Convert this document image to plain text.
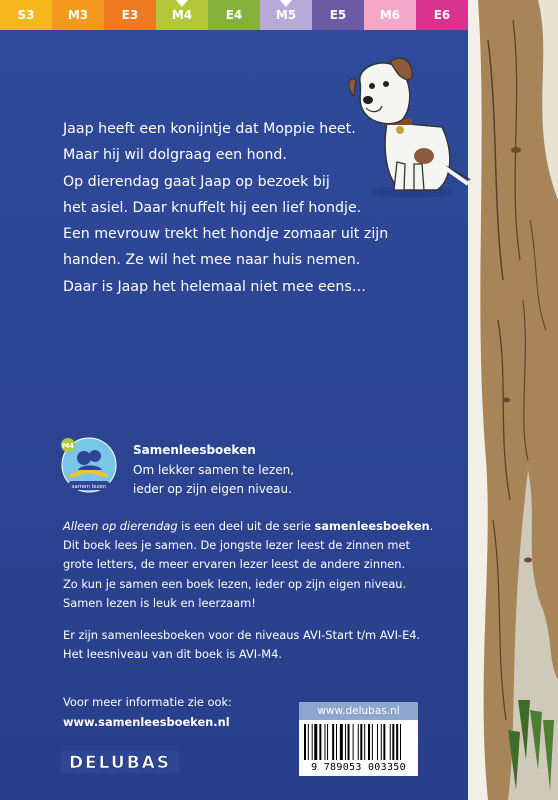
S3	M3	E3	M4	E4	M5	E5	M6	E6

Jaap heeft een konijntje dat Moppie heet.

Maar hij wil dolgraag een hond.

Op dierendag gaat Jaap op bezoek bij

het asiel. Daar knuffelt hij een lief hondje.

Een mevrouw trekt het hondje zomaar uit zijn

handen. Ze wil het mee naar huis nemen.

Daar is Jaap het helemaal niet mee eens…

M4
samen lezen
Samenleesboeken
Om lekker samen te lezen,
ieder op zijn eigen niveau.
Alleen op dierendag is een deel uit de serie samenleesboeken.
Dit boek lees je samen. De jongste lezer leest de zinnen met
grote letters, de meer ervaren lezer leest de andere zinnen.
Zo kun je samen een boek lezen, ieder op zijn eigen niveau.
Samen lezen is leuk en leerzaam!
Er zijn samenleesboeken voor de niveaus AVI-Start t/m AVI-E4.
Het leesniveau van dit boek is AVI-M4.
Voor meer informatie zie ook:
www.samenleesboeken.nl
DELUBAS
www.delubas.nl
9 789053 003350
